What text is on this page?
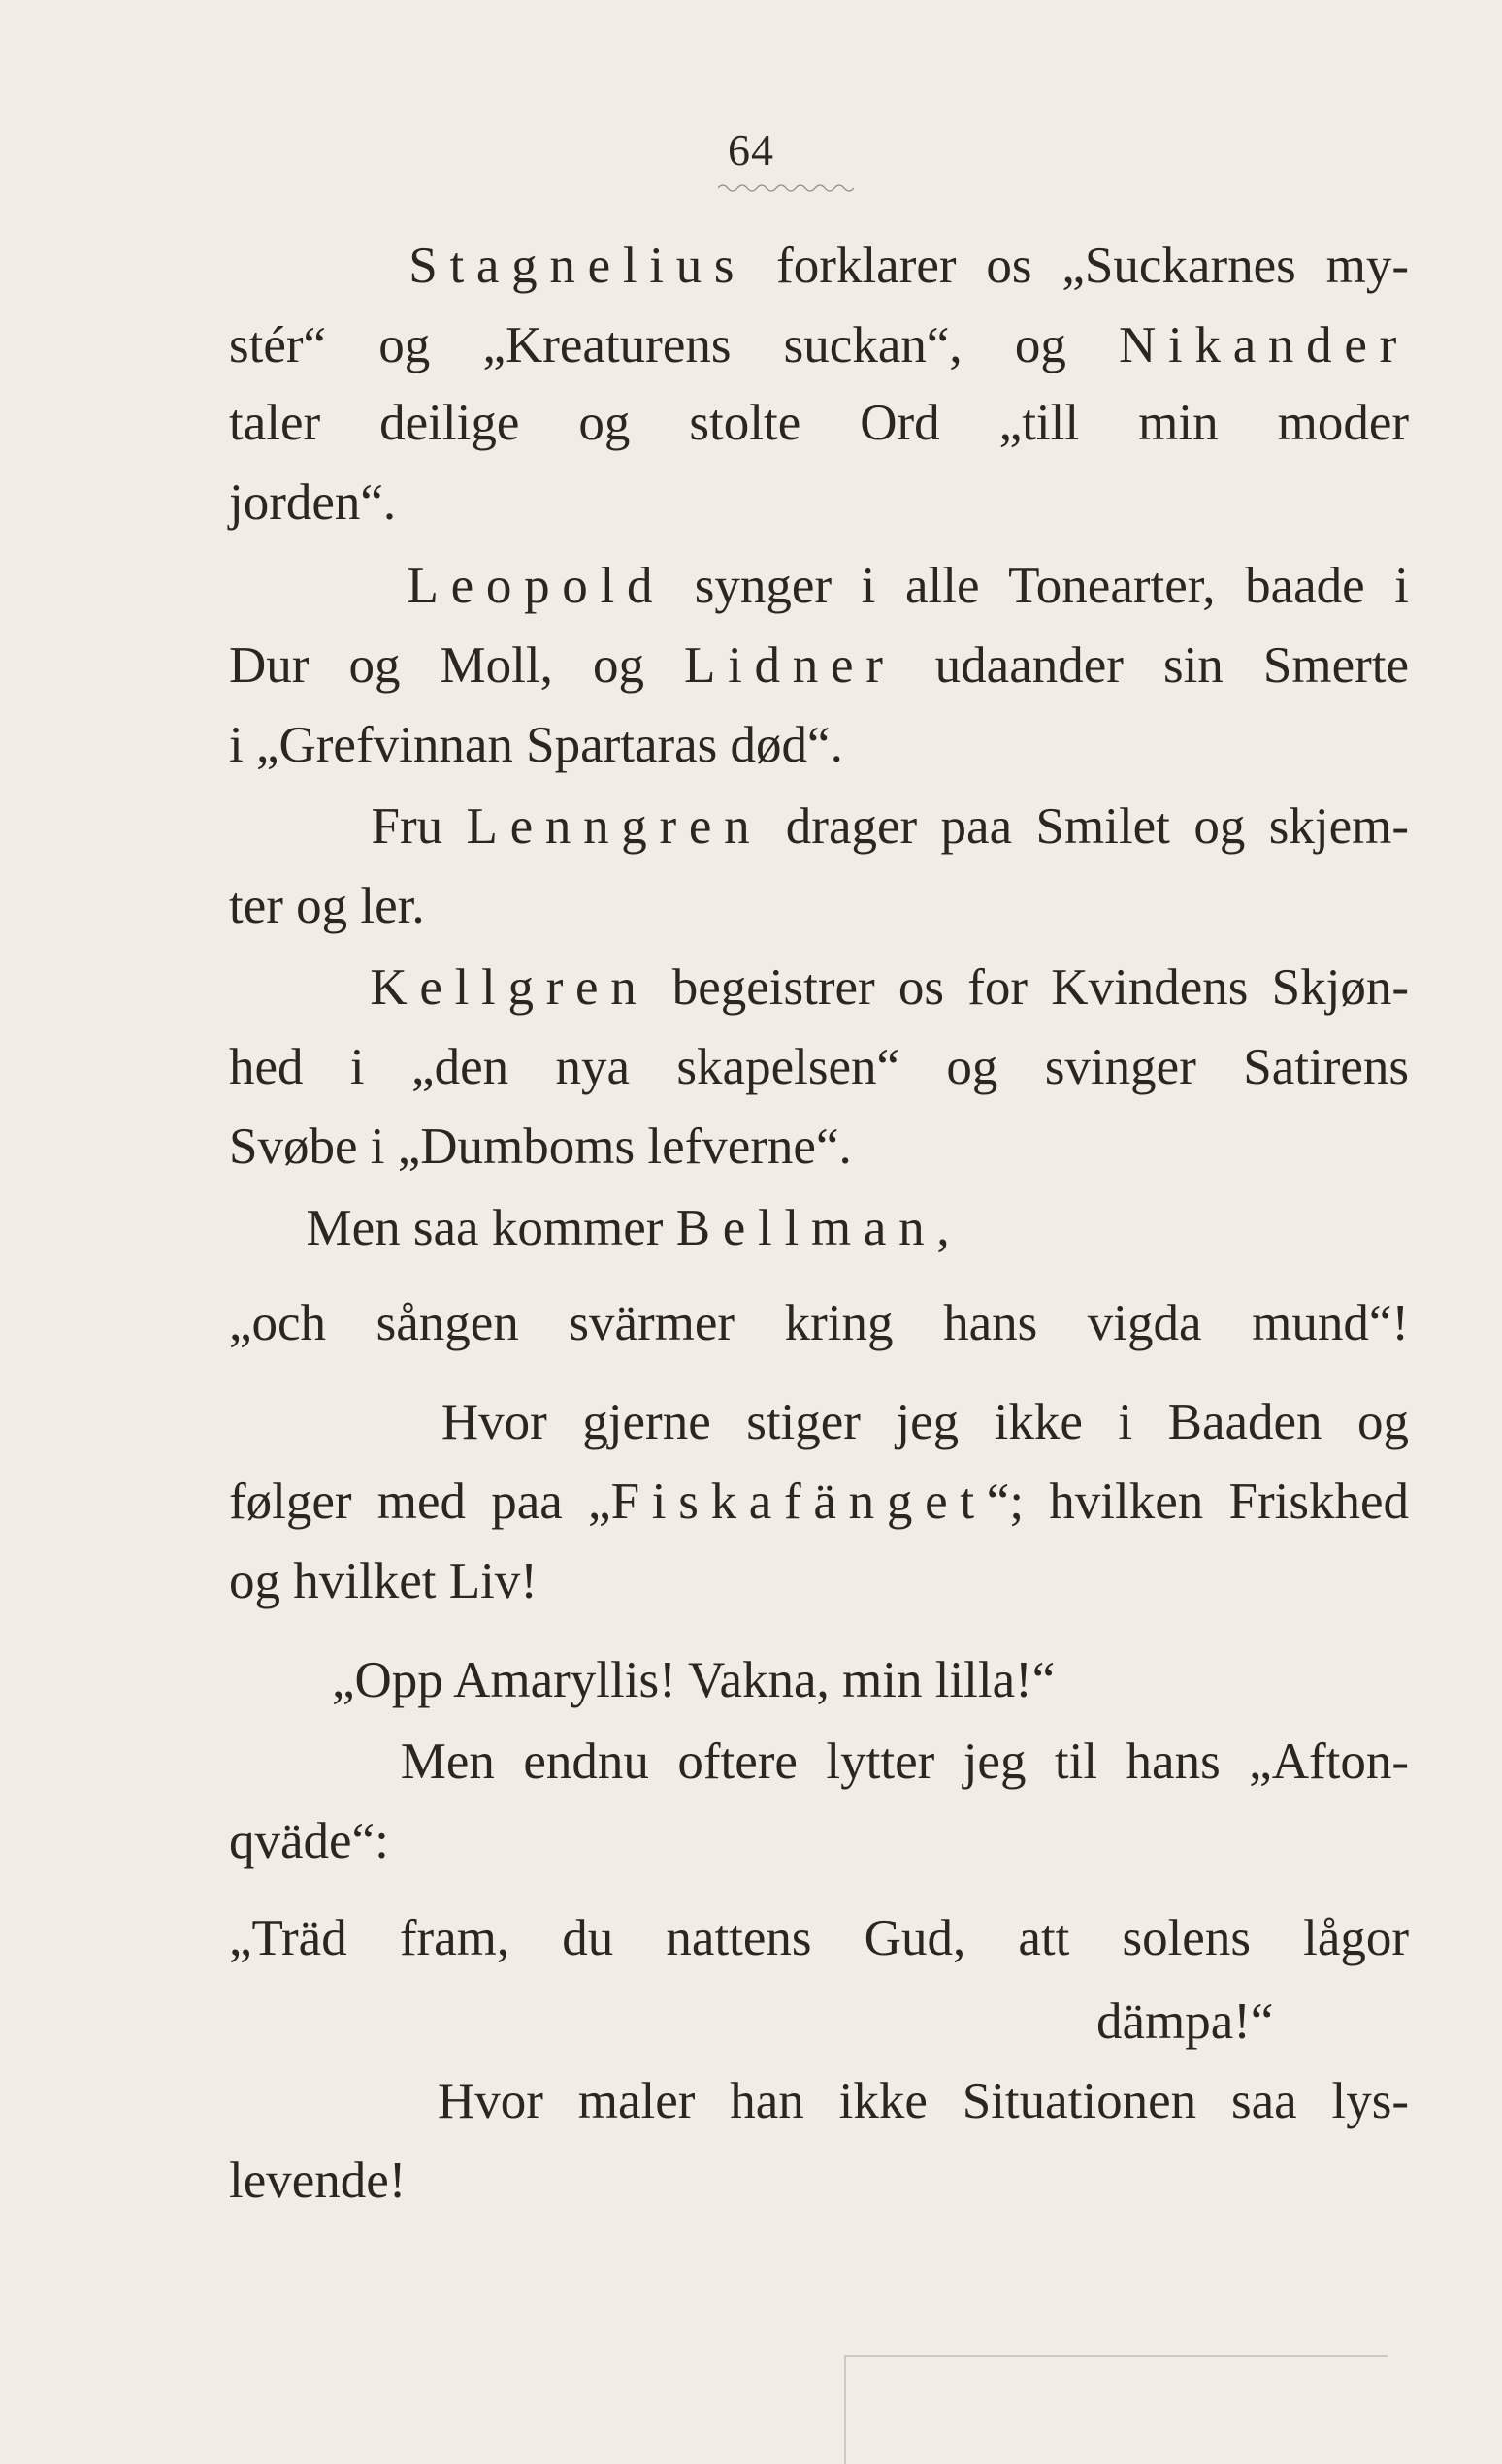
64
Stagnelius forklarer os „Suckarnes my-
stér“ og „Kreaturens suckan“, og Nikander
taler deilige og stolte Ord „till min moder
jorden“.
Leopold synger i alle Tonearter, baade i
Dur og Moll, og Lidner udaander sin Smerte
i „Grefvinnan Spartaras død“.
Fru Lenngren drager paa Smilet og skjem-
ter og ler.
Kellgren begeistrer os for Kvindens Skjøn-
hed i „den nya skapelsen“ og svinger Satirens
Svøbe i „Dumboms lefverne“.
Men saa kommer Bellman,
„och sången svärmer kring hans vigda mund“!
Hvor gjerne stiger jeg ikke i Baaden og
følger med paa „Fiskafänget“; hvilken Friskhed
og hvilket Liv!
„Opp Amaryllis! Vakna, min lilla!“
Men endnu oftere lytter jeg til hans „Afton-
qväde“:
„Träd fram, du nattens Gud, att solens lågor
dämpa!“
Hvor maler han ikke Situationen saa lys-
levende!
